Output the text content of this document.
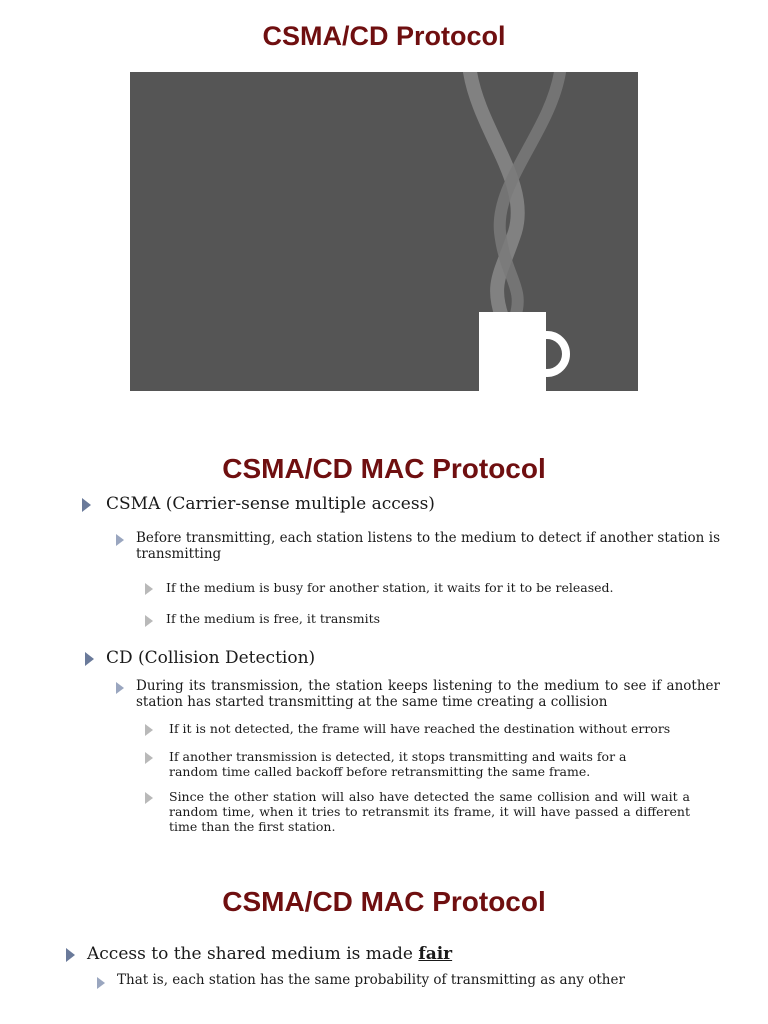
CSMA/CD Protocol
CSMA/CD MAC Protocol

CSMA (Carrier-sense multiple access)

Before transmitting, each station listens to the medium to detect if another station is transmitting

If the medium is busy for another station, it waits for it to be released.

If the medium is free, it transmits

CD (Collision Detection)

During its transmission, the station keeps listening to the medium to see if another station has started transmitting at the same time creating a collision

If it is not detected, the frame will have reached the destination without errors

If another transmission is detected, it stops transmitting and waits for a random time called backoff before retransmitting the same frame.

Since the other station will also have detected the same collision and will wait a random time, when it tries to retransmit its frame, it will have passed a different time than the first station.

CSMA/CD MAC Protocol

Access to the shared medium is made fair

That is, each station has the same probability of transmitting as any other
